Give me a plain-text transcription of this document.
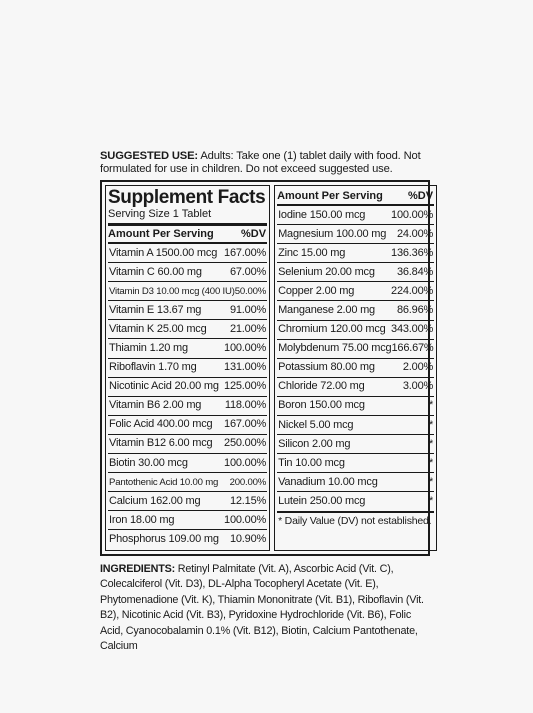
SUGGESTED USE: Adults: Take one (1) tablet daily with food. Not formulated for use in children. Do not exceed suggested use.

Supplement Facts
Serving Size 1 Tablet
Amount Per Serving %DV
Vitamin A 1500.00 mcg 167.00%
Vitamin C 60.00 mg	67.00%
Vitamin D3 10.00 mcg (400 IU) 50.00%
Vitamin E 13.67 mg	91.00%
Vitamin K 25.00 mcg 21.00%
Thiamin 1.20 mg	100.00%
Riboflavin 1.70 mg	131.00%
Nicotinic Acid 20.00 mg 125.00%
Vitamin B6 2.00 mg 118.00%
Folic Acid 400.00 mcg 167.00%
Vitamin B12 6.00 mcg 250.00%
Biotin 30.00 mcg	100.00%
Pantothenic Acid 10.00 mg 200.00%
Calcium 162.00 mg	12.15%
Iron 18.00 mg	100.00%
Phosphorus 109.00 mg 10.90%
Amount Per Serving %DV
Iodine 150.00 mcg 100.00%
Magnesium 100.00 mg 24.00%
Zinc 15.00 mg	136.36%
Selenium 20.00 mcg 36.84%
Copper 2.00 mg	224.00%
Manganese 2.00 mg 86.96%
Chromium 120.00 mcg 343.00%
Molybdenum 75.00 mcg 166.67%
Potassium 80.00 mg	2.00%
Chloride 72.00 mg	3.00%
Boron 150.00 mcg	*
Nickel 5.00 mcg	*
Silicon 2.00 mg	*
Tin 10.00 mcg	*
Vanadium 10.00 mcg	*
Lutein 250.00 mcg	*
* Daily Value (DV) not established.

INGREDIENTS: Retinyl Palmitate (Vit. A), Ascorbic Acid (Vit. C), Colecalciferol (Vit. D3), DL-Alpha Tocopheryl Acetate (Vit. E), Phytomenadione (Vit. K), Thiamin Mononitrate (Vit. B1), Riboflavin (Vit. B2), Nicotinic Acid (Vit. B3), Pyridoxine Hydrochloride (Vit. B6), Folic Acid, Cyanocobalamin 0.1% (Vit. B12), Biotin, Calcium Pantothenate, Calcium
